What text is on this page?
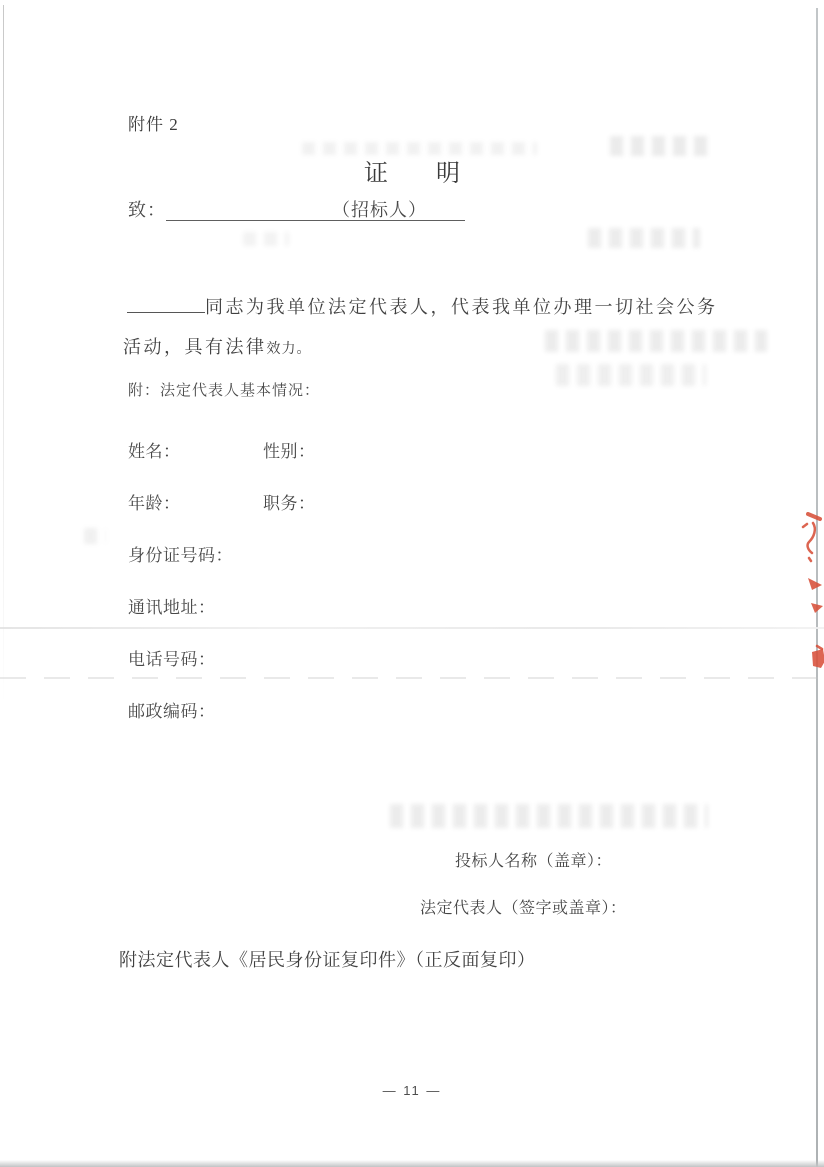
附件 2
证　　明
致：	（招标人）
同志为我单位法定代表人，代表我单位办理一切社会公务
活动，具有法律效力。
附：法定代表人基本情况：
姓名：	性别：
年龄：	职务：
身份证号码：
通讯地址：
电话号码：
邮政编码：
投标人名称（盖章）：
法定代表人（签字或盖章）：
附法定代表人《居民身份证复印件》（正反面复印）
— 11 —
